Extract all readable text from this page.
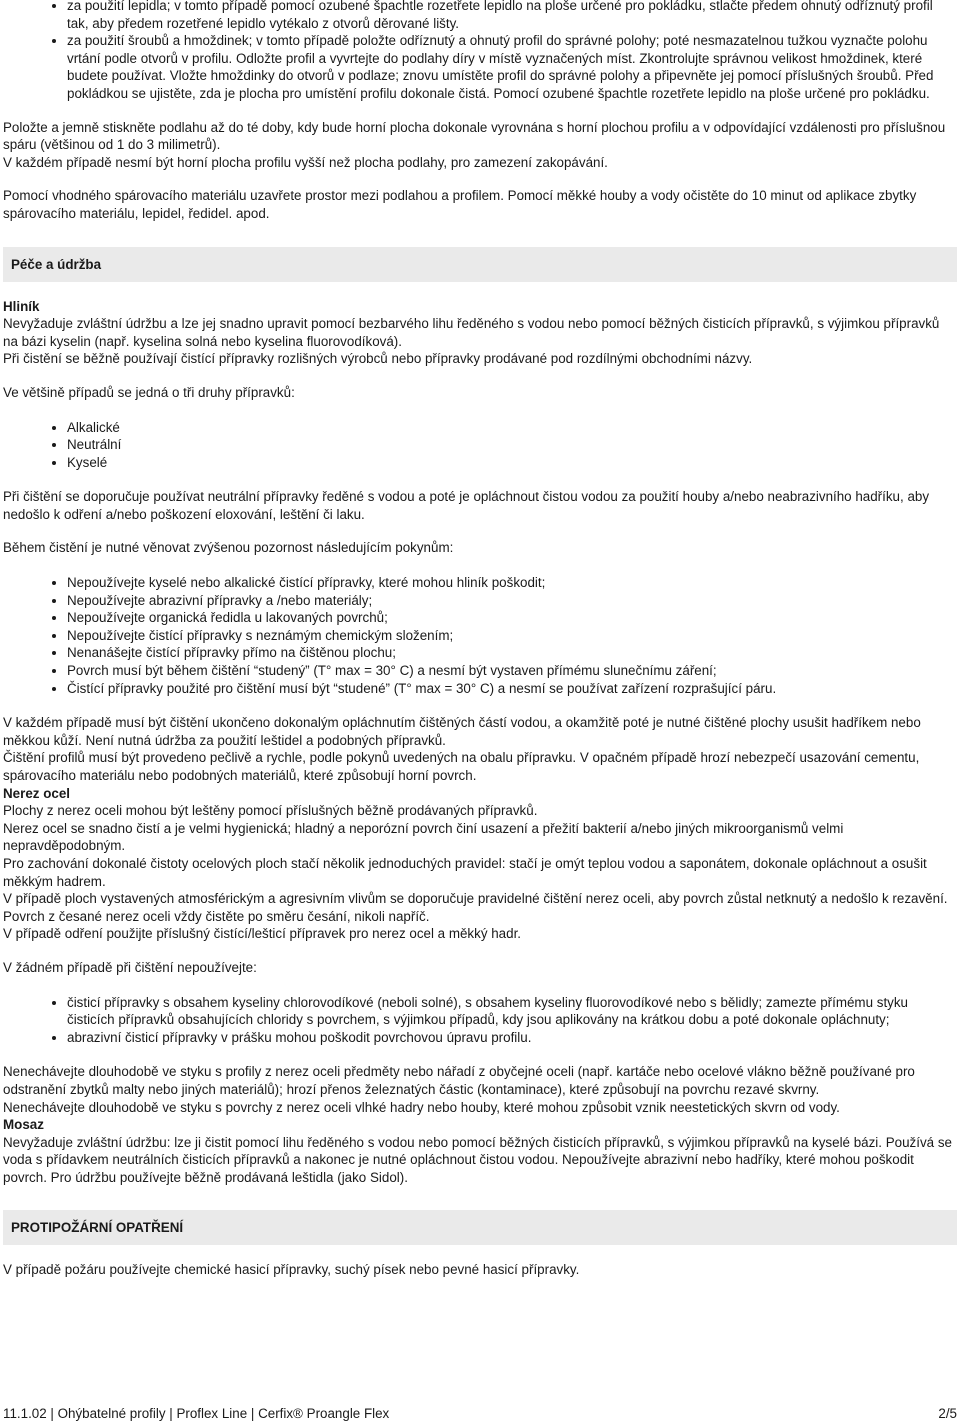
• za použití lepidla; v tomto případě pomocí ozubené špachtle rozetřete lepidlo na ploše určené pro pokládku, stlačte předem ohnutý odříznutý profil tak, aby předem rozetřené lepidlo vytékalo z otvorů děrované lišty.
• za použití šroubů a hmoždinek; v tomto případě položte odříznutý a ohnutý profil do správné polohy; poté nesmazatelnou tužkou vyznačte polohu vrtání podle otvorů v profilu. Odložte profil a vyvrtejte do podlahy díry v místě vyznačených míst. Zkontrolujte správnou velikost hmoždinek, které budete používat. Vložte hmoždinky do otvorů v podlaze; znovu umístěte profil do správné polohy a připevněte jej pomocí příslušných šroubů. Před pokládkou se ujistěte, zda je plocha pro umístění profilu dokonale čistá. Pomocí ozubené špachtle rozetřete lepidlo na ploše určené pro pokládku.

Položte a jemně stiskněte podlahu až do té doby, kdy bude horní plocha dokonale vyrovnána s horní plochou profilu a v odpovídající vzdálenosti pro příslušnou spáru (většinou od 1 do 3 milimetrů).

V každém případě nesmí být horní plocha profilu vyšší než plocha podlahy, pro zamezení zakopávání.

Pomocí vhodného spárovacího materiálu uzavřete prostor mezi podlahou a profilem. Pomocí měkké houby a vody očistěte do 10 minut od aplikace zbytky spárovacího materiálu, lepidel, ředidel. apod.

Péče a údržba

Hliník

Nevyžaduje zvláštní údržbu a lze jej snadno upravit pomocí bezbarvého lihu ředěného s vodou nebo pomocí běžných čisticích přípravků, s výjimkou přípravků na bázi kyselin (např. kyselina solná nebo kyselina fluorovodíková).

Při čistění se běžně používají čistící přípravky rozlišných výrobců nebo přípravky prodávané pod rozdílnými obchodními názvy.

Ve většině případů se jedná o tři druhy přípravků:

• Alkalické
• Neutrální
• Kyselé

Při čištění se doporučuje používat neutrální přípravky ředěné s vodou a poté je opláchnout čistou vodou za použití houby a/nebo neabrazivního hadříku, aby nedošlo k odření a/nebo poškození eloxování, leštění či laku.

Během čistění je nutné věnovat zvýšenou pozornost následujícím pokynům:

• Nepoužívejte kyselé nebo alkalické čistící přípravky, které mohou hliník poškodit;
• Nepoužívejte abrazivní přípravky a /nebo materiály;
• Nepoužívejte organická ředidla u lakovaných povrchů;
• Nepoužívejte čistící přípravky s neznámým chemickým složením;
• Nenanášejte čistící přípravky přímo na čištěnou plochu;
• Povrch musí být během čištění “studený” (T° max = 30° C) a nesmí být vystaven přímému slunečnímu záření;
• Čistící přípravky použité pro čištění musí být “studené” (T° max = 30° C) a nesmí se používat zařízení rozprašující páru.

V každém případě musí být čištění ukončeno dokonalým opláchnutím čištěných částí vodou, a okamžitě poté je nutné čištěné plochy usušit hadříkem nebo měkkou kůží. Není nutná údržba za použití leštidel a podobných přípravků.

Čištění profilů musí být provedeno pečlivě a rychle, podle pokynů uvedených na obalu přípravku. V opačném případě hrozí nebezpečí usazování cementu, spárovacího materiálu nebo podobných materiálů, které způsobují horní povrch.

Nerez ocel

Plochy z nerez oceli mohou být leštěny pomocí příslušných běžně prodávaných přípravků.

Nerez ocel se snadno čistí a je velmi hygienická; hladný a neporózní povrch činí usazení a přežití bakterií a/nebo jiných mikroorganismů velmi nepravděpodobným.

Pro zachování dokonalé čistoty ocelových ploch stačí několik jednoduchých pravidel: stačí je omýt teplou vodou a saponátem, dokonale opláchnout a osušit měkkým hadrem.

V případě ploch vystavených atmosférickým a agresivním vlivům se doporučuje pravidelné čištění nerez oceli, aby povrch zůstal netknutý a nedošlo k rezavění.

Povrch z česané nerez oceli vždy čistěte po směru česání, nikoli napříč.

V případě odření použijte příslušný čistící/lešticí přípravek pro nerez ocel a měkký hadr.

V žádném případě při čištění nepoužívejte:

• čisticí přípravky s obsahem kyseliny chlorovodíkové (neboli solné), s obsahem kyseliny fluorovodíkové nebo s bělidly; zamezte přímému styku čisticích přípravků obsahujících chloridy s povrchem, s výjimkou případů, kdy jsou aplikovány na krátkou dobu a poté dokonale opláchnuty;
• abrazivní čisticí přípravky v prášku mohou poškodit povrchovou úpravu profilu.

Nenechávejte dlouhodobě ve styku s profily z nerez oceli předměty nebo nářadí z obyčejné oceli (např. kartáče nebo ocelové vlákno běžně používané pro odstranění zbytků malty nebo jiných materiálů); hrozí přenos železnatých částic (kontaminace), které způsobují na povrchu rezavé skvrny.

Nenechávejte dlouhodobě ve styku s povrchy z nerez oceli vlhké hadry nebo houby, které mohou způsobit vznik neestetických skvrn od vody.

Mosaz

Nevyžaduje zvláštní údržbu: lze ji čistit pomocí lihu ředěného s vodou nebo pomocí běžných čisticích přípravků, s výjimkou přípravků na kyselé bázi. Používá se voda s přídavkem neutrálních čisticích přípravků a nakonec je nutné opláchnout čistou vodou. Nepoužívejte abrazivní nebo hadříky, které mohou poškodit povrch. Pro údržbu používejte běžně prodávaná leštidla (jako Sidol).

PROTIPOŽÁRNÍ OPATŘENÍ

V případě požáru používejte chemické hasicí přípravky, suchý písek nebo pevné hasicí přípravky.

11.1.02 | Ohýbatelné profily | Proflex Line | Cerfix® Proangle Flex	2/5
